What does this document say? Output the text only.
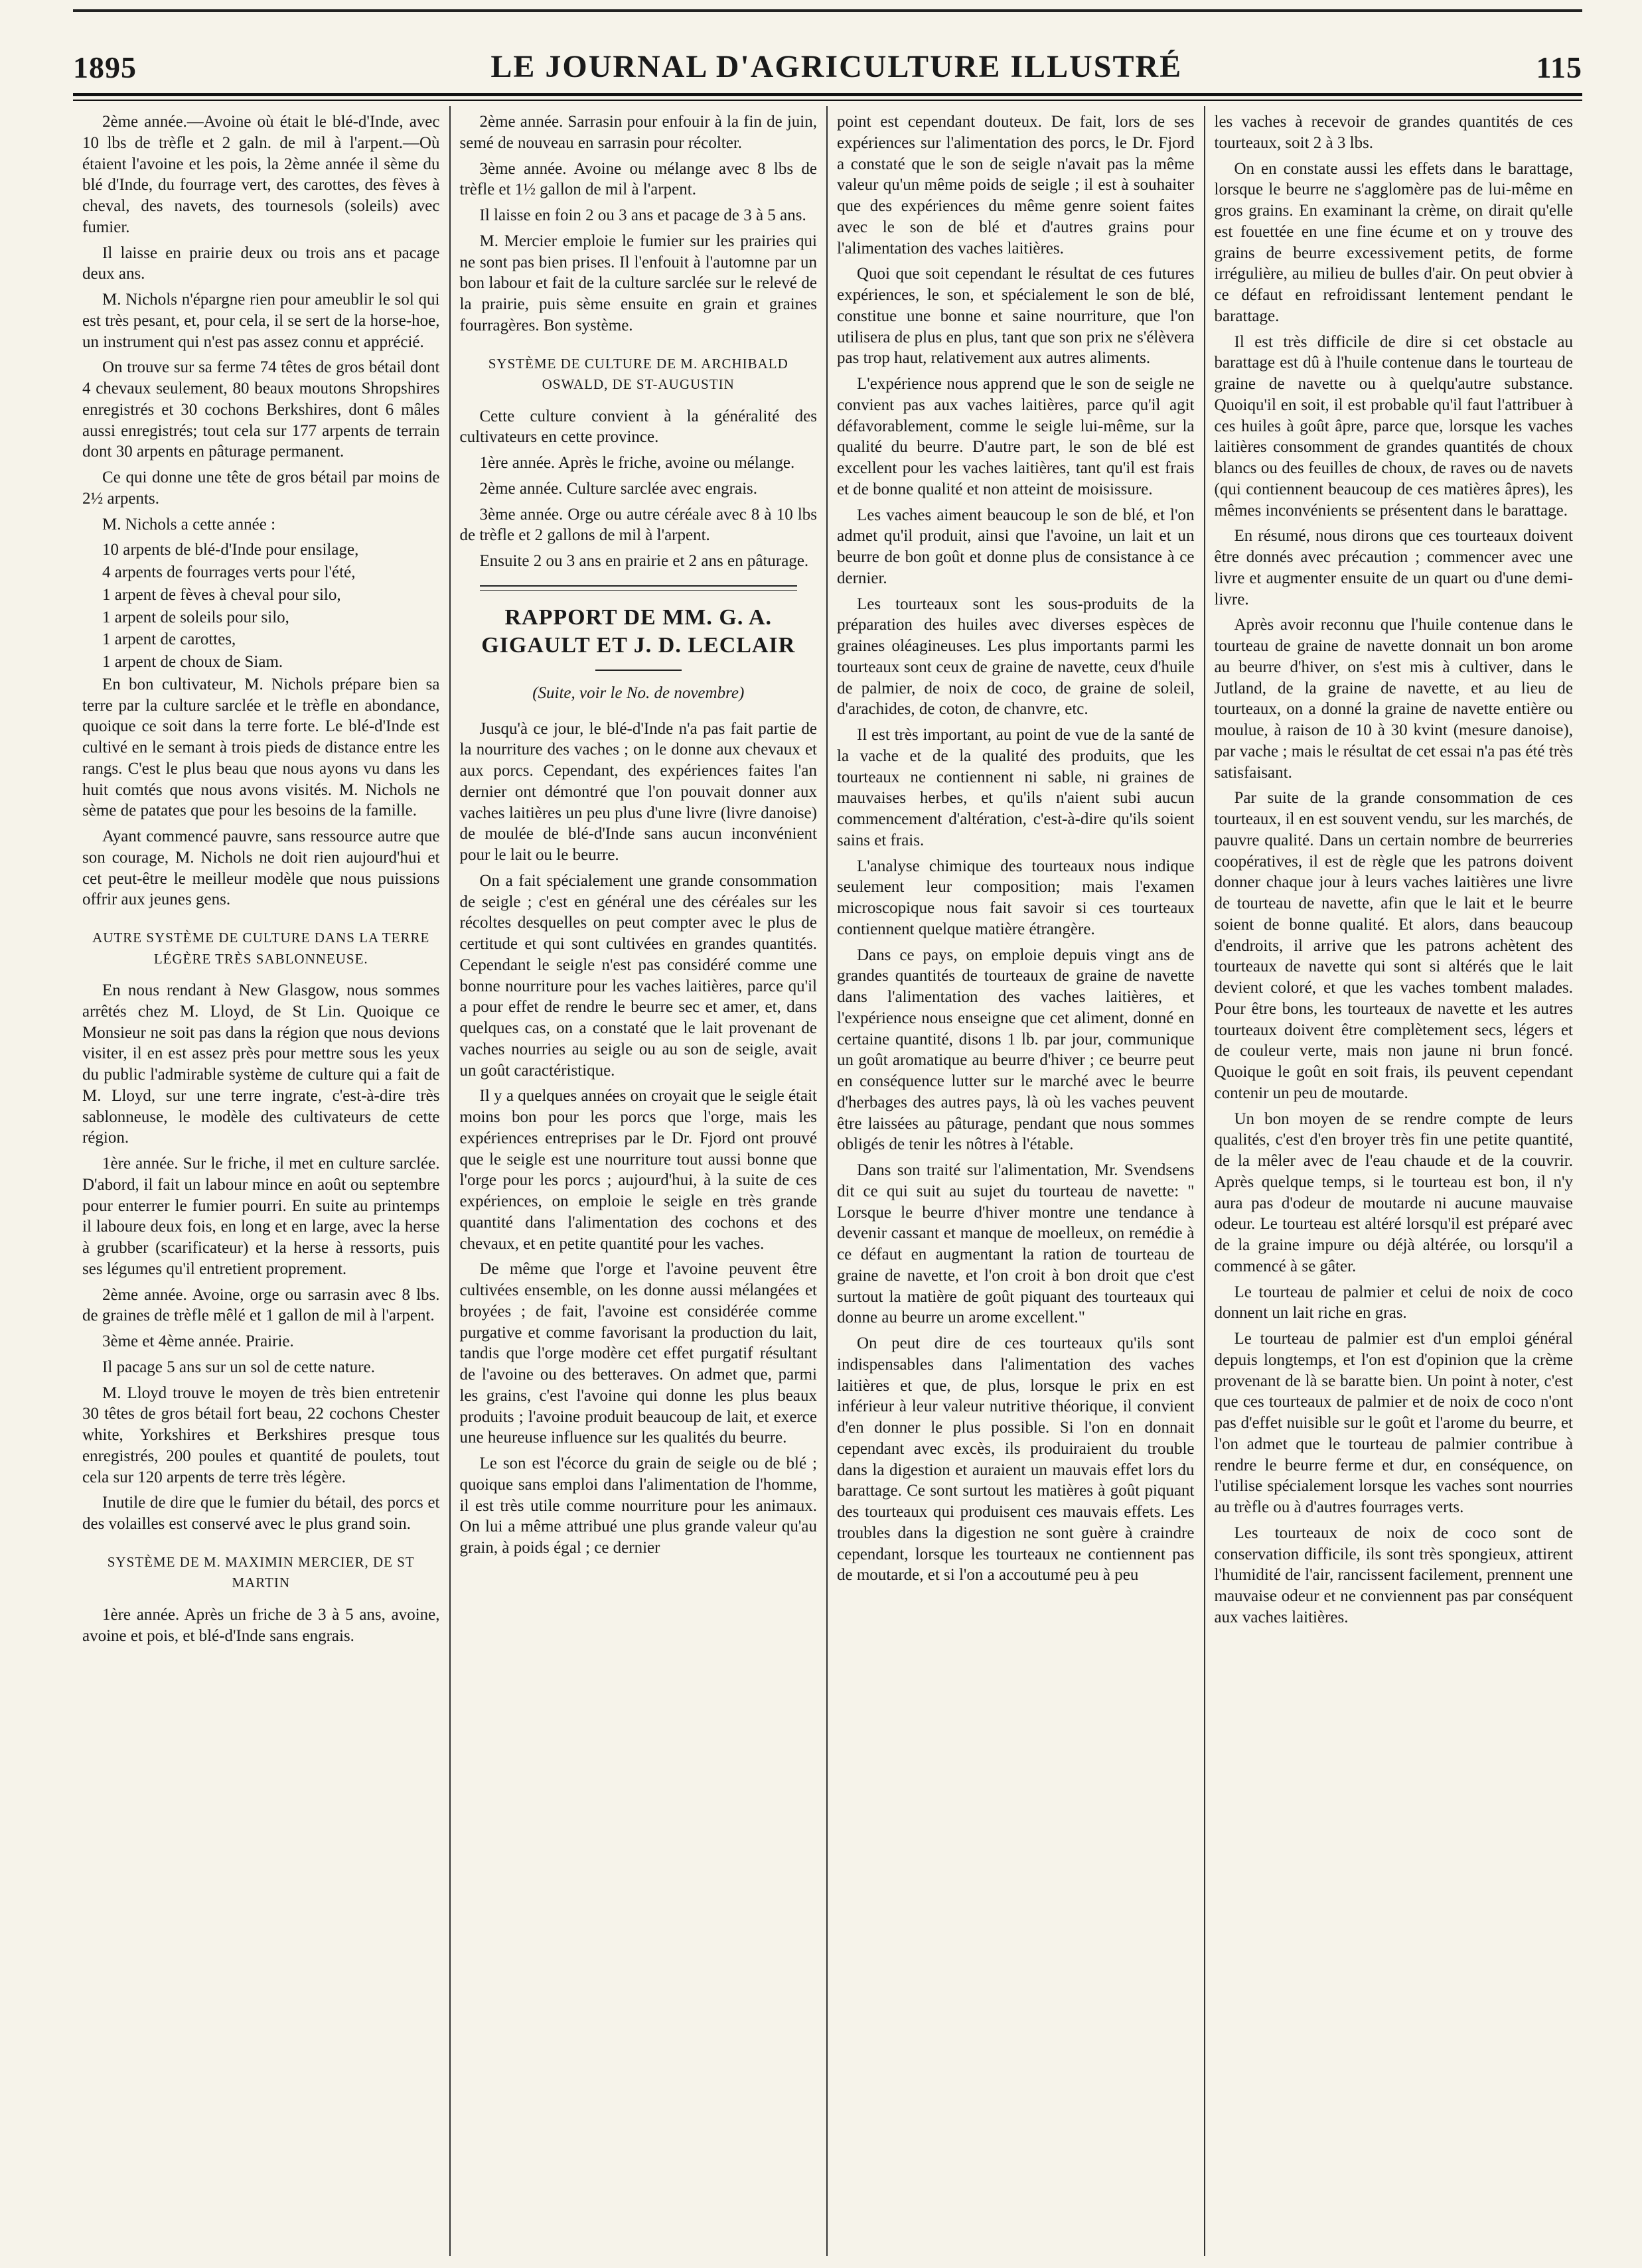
1895	LE JOURNAL D'AGRICULTURE ILLUSTRÉ	115

2ème année.—Avoine où était le blé-d'Inde, avec 10 lbs de trèfle et 2 galn. de mil à l'arpent.—Où étaient l'avoine et les pois, la 2ème année il sème du blé d'Inde, du fourrage vert, des carottes, des fèves à cheval, des navets, des tournesols (soleils) avec fumier.

Il laisse en prairie deux ou trois ans et pacage deux ans.

M. Nichols n'épargne rien pour ameublir le sol qui est très pesant, et, pour cela, il se sert de la horse-hoe, un instrument qui n'est pas assez connu et apprécié.

On trouve sur sa ferme 74 têtes de gros bétail dont 4 chevaux seulement, 80 beaux moutons Shropshires enregistrés et 30 cochons Berkshires, dont 6 mâles aussi enregistrés; tout cela sur 177 arpents de terrain dont 30 arpents en pâturage permanent.

Ce qui donne une tête de gros bétail par moins de 2½ arpents.

M. Nichols a cette année :

10 arpents de blé-d'Inde pour ensilage,

4 arpents de fourrages verts pour l'été,

1 arpent de fèves à cheval pour silo,

1 arpent de soleils pour silo,

1 arpent de carottes,

1 arpent de choux de Siam.

En bon cultivateur, M. Nichols prépare bien sa terre par la culture sarclée et le trèfle en abondance, quoique ce soit dans la terre forte. Le blé-d'Inde est cultivé en le semant à trois pieds de distance entre les rangs. C'est le plus beau que nous ayons vu dans les huit comtés que nous avons visités. M. Nichols ne sème de patates que pour les besoins de la famille.

Ayant commencé pauvre, sans ressource autre que son courage, M. Nichols ne doit rien aujourd'hui et cet peut-être le meilleur modèle que nous puissions offrir aux jeunes gens.

AUTRE SYSTÈME DE CULTURE DANS LA TERRE LÉGÈRE TRÈS SABLONNEUSE.

En nous rendant à New Glasgow, nous sommes arrêtés chez M. Lloyd, de St Lin. Quoique ce Monsieur ne soit pas dans la région que nous devions visiter, il en est assez près pour mettre sous les yeux du public l'admirable système de culture qui a fait de M. Lloyd, sur une terre ingrate, c'est-à-dire très sablonneuse, le modèle des cultivateurs de cette région.

1ère année. Sur le friche, il met en culture sarclée. D'abord, il fait un labour mince en août ou septembre pour enterrer le fumier pourri. En suite au printemps il laboure deux fois, en long et en large, avec la herse à grubber (scarificateur) et la herse à ressorts, puis ses légumes qu'il entretient proprement.

2ème année. Avoine, orge ou sarrasin avec 8 lbs. de graines de trèfle mêlé et 1 gallon de mil à l'arpent.

3ème et 4ème année. Prairie.

Il pacage 5 ans sur un sol de cette nature.

M. Lloyd trouve le moyen de très bien entretenir 30 têtes de gros bétail fort beau, 22 cochons Chester white, Yorkshires et Berkshires presque tous enregistrés, 200 poules et quantité de poulets, tout cela sur 120 arpents de terre très légère.

Inutile de dire que le fumier du bétail, des porcs et des volailles est conservé avec le plus grand soin.

SYSTÈME DE M. MAXIMIN MERCIER, DE ST MARTIN

1ère année. Après un friche de 3 à 5 ans, avoine, avoine et pois, et blé-d'Inde sans engrais.

2ème année. Sarrasin pour enfouir à la fin de juin, semé de nouveau en sarrasin pour récolter.

3ème année. Avoine ou mélange avec 8 lbs de trèfle et 1½ gallon de mil à l'arpent.

Il laisse en foin 2 ou 3 ans et pacage de 3 à 5 ans.

M. Mercier emploie le fumier sur les prairies qui ne sont pas bien prises. Il l'enfouit à l'automne par un bon labour et fait de la culture sarclée sur le relevé de la prairie, puis sème ensuite en grain et graines fourragères. Bon système.

SYSTÈME DE CULTURE DE M. ARCHIBALD OSWALD, DE ST-AUGUSTIN

Cette culture convient à la généralité des cultivateurs en cette province.

1ère année. Après le friche, avoine ou mélange.

2ème année. Culture sarclée avec engrais.

3ème année. Orge ou autre céréale avec 8 à 10 lbs de trèfle et 2 gallons de mil à l'arpent.

Ensuite 2 ou 3 ans en prairie et 2 ans en pâturage.

RAPPORT DE MM. G. A. GIGAULT ET J. D. LECLAIR
(Suite, voir le No. de novembre)

Jusqu'à ce jour, le blé-d'Inde n'a pas fait partie de la nourriture des vaches ; on le donne aux chevaux et aux porcs. Cependant, des expériences faites l'an dernier ont démontré que l'on pouvait donner aux vaches laitières un peu plus d'une livre (livre danoise) de moulée de blé-d'Inde sans aucun inconvénient pour le lait ou le beurre.

On a fait spécialement une grande consommation de seigle ; c'est en général une des céréales sur les récoltes desquelles on peut compter avec le plus de certitude et qui sont cultivées en grandes quantités. Cependant le seigle n'est pas considéré comme une bonne nourriture pour les vaches laitières, parce qu'il a pour effet de rendre le beurre sec et amer, et, dans quelques cas, on a constaté que le lait provenant de vaches nourries au seigle ou au son de seigle, avait un goût caractéristique.

Il y a quelques années on croyait que le seigle était moins bon pour les porcs que l'orge, mais les expériences entreprises par le Dr. Fjord ont prouvé que le seigle est une nourriture tout aussi bonne que l'orge pour les porcs ; aujourd'hui, à la suite de ces expériences, on emploie le seigle en très grande quantité dans l'alimentation des cochons et des chevaux, et en petite quantité pour les vaches.

De même que l'orge et l'avoine peuvent être cultivées ensemble, on les donne aussi mélangées et broyées ; de fait, l'avoine est considérée comme purgative et comme favorisant la production du lait, tandis que l'orge modère cet effet purgatif résultant de l'avoine ou des betteraves. On admet que, parmi les grains, c'est l'avoine qui donne les plus beaux produits ; l'avoine produit beaucoup de lait, et exerce une heureuse influence sur les qualités du beurre.

Le son est l'écorce du grain de seigle ou de blé ; quoique sans emploi dans l'alimentation de l'homme, il est très utile comme nourriture pour les animaux. On lui a même attribué une plus grande valeur qu'au grain, à poids égal ; ce dernier

point est cependant douteux. De fait, lors de ses expériences sur l'alimentation des porcs, le Dr. Fjord a constaté que le son de seigle n'avait pas la même valeur qu'un même poids de seigle ; il est à souhaiter que des expériences du même genre soient faites avec le son de blé et d'autres grains pour l'alimentation des vaches laitières.

Quoi que soit cependant le résultat de ces futures expériences, le son, et spécialement le son de blé, constitue une bonne et saine nourriture, que l'on utilisera de plus en plus, tant que son prix ne s'élèvera pas trop haut, relativement aux autres aliments.

L'expérience nous apprend que le son de seigle ne convient pas aux vaches laitières, parce qu'il agit défavorablement, comme le seigle lui-même, sur la qualité du beurre. D'autre part, le son de blé est excellent pour les vaches laitières, tant qu'il est frais et de bonne qualité et non atteint de moisissure.

Les vaches aiment beaucoup le son de blé, et l'on admet qu'il produit, ainsi que l'avoine, un lait et un beurre de bon goût et donne plus de consistance à ce dernier.

Les tourteaux sont les sous-produits de la préparation des huiles avec diverses espèces de graines oléagineuses. Les plus importants parmi les tourteaux sont ceux de graine de navette, ceux d'huile de palmier, de noix de coco, de graine de soleil, d'arachides, de coton, de chanvre, etc.

Il est très important, au point de vue de la santé de la vache et de la qualité des produits, que les tourteaux ne contiennent ni sable, ni graines de mauvaises herbes, et qu'ils n'aient subi aucun commencement d'altération, c'est-à-dire qu'ils soient sains et frais.

L'analyse chimique des tourteaux nous indique seulement leur composition; mais l'examen microscopique nous fait savoir si ces tourteaux contiennent quelque matière étrangère.

Dans ce pays, on emploie depuis vingt ans de grandes quantités de tourteaux de graine de navette dans l'alimentation des vaches laitières, et l'expérience nous enseigne que cet aliment, donné en certaine quantité, disons 1 lb. par jour, communique un goût aromatique au beurre d'hiver ; ce beurre peut en conséquence lutter sur le marché avec le beurre d'herbages des autres pays, là où les vaches peuvent être laissées au pâturage, pendant que nous sommes obligés de tenir les nôtres à l'étable.

Dans son traité sur l'alimentation, Mr. Svendsens dit ce qui suit au sujet du tourteau de navette: " Lorsque le beurre d'hiver montre une tendance à devenir cassant et manque de moelleux, on remédie à ce défaut en augmentant la ration de tourteau de graine de navette, et l'on croit à bon droit que c'est surtout la matière de goût piquant des tourteaux qui donne au beurre un arome excellent."

On peut dire de ces tourteaux qu'ils sont indispensables dans l'alimentation des vaches laitières et que, de plus, lorsque le prix en est inférieur à leur valeur nutritive théorique, il convient d'en donner le plus possible. Si l'on en donnait cependant avec excès, ils produiraient du trouble dans la digestion et auraient un mauvais effet lors du barattage. Ce sont surtout les matières à goût piquant des tourteaux qui produisent ces mauvais effets. Les troubles dans la digestion ne sont guère à craindre cependant, lorsque les tourteaux ne contiennent pas de moutarde, et si l'on a accoutumé peu à peu

les vaches à recevoir de grandes quantités de ces tourteaux, soit 2 à 3 lbs.

On en constate aussi les effets dans le barattage, lorsque le beurre ne s'agglomère pas de lui-même en gros grains. En examinant la crème, on dirait qu'elle est fouettée en une fine écume et on y trouve des grains de beurre excessivement petits, de forme irrégulière, au milieu de bulles d'air. On peut obvier à ce défaut en refroidissant lentement pendant le barattage.

Il est très difficile de dire si cet obstacle au barattage est dû à l'huile contenue dans le tourteau de graine de navette ou à quelqu'autre substance. Quoiqu'il en soit, il est probable qu'il faut l'attribuer à ces huiles à goût âpre, parce que, lorsque les vaches laitières consomment de grandes quantités de choux blancs ou des feuilles de choux, de raves ou de navets (qui contiennent beaucoup de ces matières âpres), les mêmes inconvénients se présentent dans le barattage.

En résumé, nous dirons que ces tourteaux doivent être donnés avec précaution ; commencer avec une livre et augmenter ensuite de un quart ou d'une demi-livre.

Après avoir reconnu que l'huile contenue dans le tourteau de graine de navette donnait un bon arome au beurre d'hiver, on s'est mis à cultiver, dans le Jutland, de la graine de navette, et au lieu de tourteaux, on a donné la graine de navette entière ou moulue, à raison de 10 à 30 kvint (mesure danoise), par vache ; mais le résultat de cet essai n'a pas été très satisfaisant.

Par suite de la grande consommation de ces tourteaux, il en est souvent vendu, sur les marchés, de pauvre qualité. Dans un certain nombre de beurreries coopératives, il est de règle que les patrons doivent donner chaque jour à leurs vaches laitières une livre de tourteau de navette, afin que le lait et le beurre soient de bonne qualité. Et alors, dans beaucoup d'endroits, il arrive que les patrons achètent des tourteaux de navette qui sont si altérés que le lait devient coloré, et que les vaches tombent malades. Pour être bons, les tourteaux de navette et les autres tourteaux doivent être complètement secs, légers et de couleur verte, mais non jaune ni brun foncé. Quoique le goût en soit frais, ils peuvent cependant contenir un peu de moutarde.

Un bon moyen de se rendre compte de leurs qualités, c'est d'en broyer très fin une petite quantité, de la mêler avec de l'eau chaude et de la couvrir. Après quelque temps, si le tourteau est bon, il n'y aura pas d'odeur de moutarde ni aucune mauvaise odeur. Le tourteau est altéré lorsqu'il est préparé avec de la graine impure ou déjà altérée, ou lorsqu'il a commencé à se gâter.

Le tourteau de palmier et celui de noix de coco donnent un lait riche en gras.

Le tourteau de palmier est d'un emploi général depuis longtemps, et l'on est d'opinion que la crème provenant de là se baratte bien. Un point à noter, c'est que ces tourteaux de palmier et de noix de coco n'ont pas d'effet nuisible sur le goût et l'arome du beurre, et l'on admet que le tourteau de palmier contribue à rendre le beurre ferme et dur, en conséquence, on l'utilise spécialement lorsque les vaches sont nourries au trèfle ou à d'autres fourrages verts.

Les tourteaux de noix de coco sont de conservation difficile, ils sont très spongieux, attirent l'humidité de l'air, rancissent facilement, prennent une mauvaise odeur et ne conviennent pas par conséquent aux vaches laitières.
